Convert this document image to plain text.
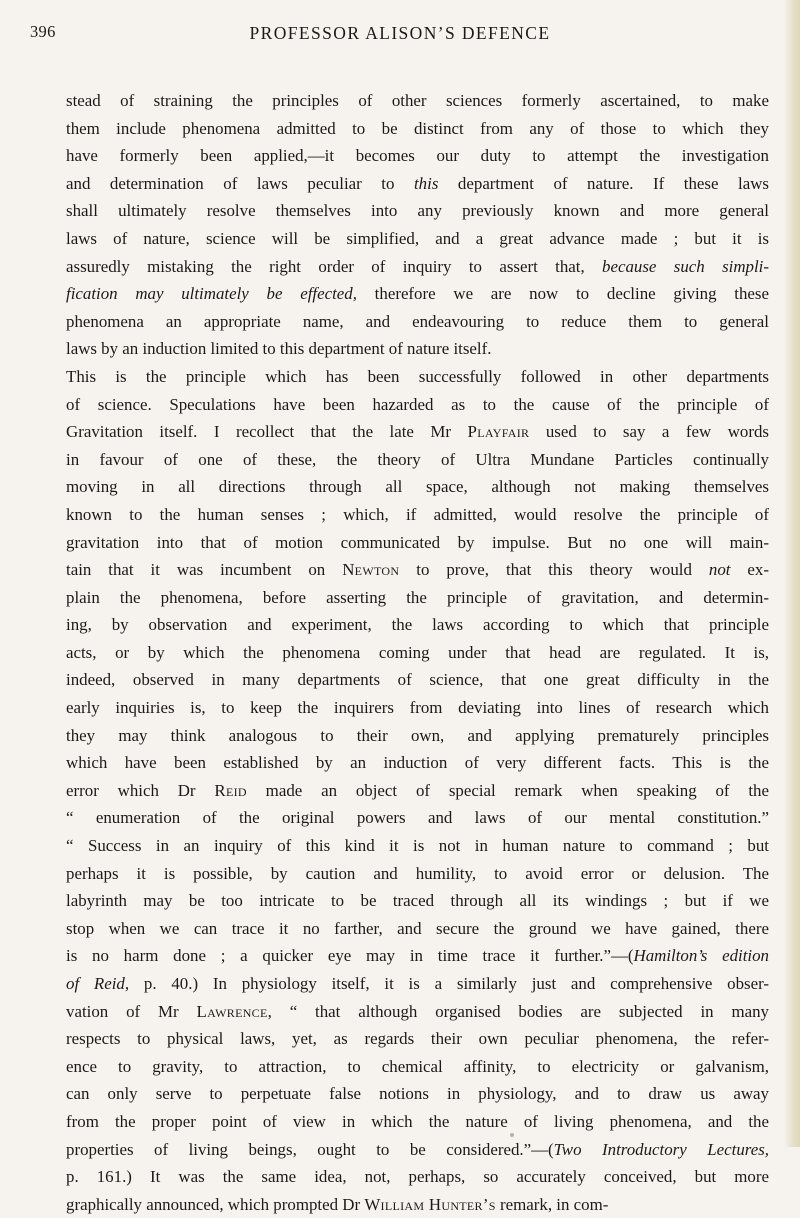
396	PROFESSOR ALISON’S DEFENCE
stead of straining the principles of other sciences formerly ascertained, to make
them include phenomena admitted to be distinct from any of those to which they
have formerly been applied,—it becomes our duty to attempt the investigation
and determination of laws peculiar to this department of nature. If these laws
shall ultimately resolve themselves into any previously known and more general
laws of nature, science will be simplified, and a great advance made ; but it is
assuredly mistaking the right order of inquiry to assert that, because such simpli-
fication may ultimately be effected, therefore we are now to decline giving these
phenomena an appropriate name, and endeavouring to reduce them to general
laws by an induction limited to this department of nature itself.
This is the principle which has been successfully followed in other departments
of science. Speculations have been hazarded as to the cause of the principle of
Gravitation itself. I recollect that the late Mr Playfair used to say a few words
in favour of one of these, the theory of Ultra Mundane Particles continually
moving in all directions through all space, although not making themselves
known to the human senses ; which, if admitted, would resolve the principle of
gravitation into that of motion communicated by impulse. But no one will main-
tain that it was incumbent on Newton to prove, that this theory would not ex-
plain the phenomena, before asserting the principle of gravitation, and determin-
ing, by observation and experiment, the laws according to which that principle
acts, or by which the phenomena coming under that head are regulated. It is,
indeed, observed in many departments of science, that one great difficulty in the
early inquiries is, to keep the inquirers from deviating into lines of research which
they may think analogous to their own, and applying prematurely principles
which have been established by an induction of very different facts. This is the
error which Dr Reid made an object of special remark when speaking of the
“ enumeration of the original powers and laws of our mental constitution.”
“ Success in an inquiry of this kind it is not in human nature to command ; but
perhaps it is possible, by caution and humility, to avoid error or delusion. The
labyrinth may be too intricate to be traced through all its windings ; but if we
stop when we can trace it no farther, and secure the ground we have gained, there
is no harm done ; a quicker eye may in time trace it further.”—(Hamilton’s edition
of Reid, p. 40.) In physiology itself, it is a similarly just and comprehensive obser-
vation of Mr Lawrence, “ that although organised bodies are subjected in many
respects to physical laws, yet, as regards their own peculiar phenomena, the refer-
ence to gravity, to attraction, to chemical affinity, to electricity or galvanism,
can only serve to perpetuate false notions in physiology, and to draw us away
from the proper point of view in which the nature of living phenomena, and the
properties of living beings, ought to be considered.”—(Two Introductory Lectures,
p. 161.) It was the same idea, not, perhaps, so accurately conceived, but more
graphically announced, which prompted Dr William Hunter’s remark, in com-
